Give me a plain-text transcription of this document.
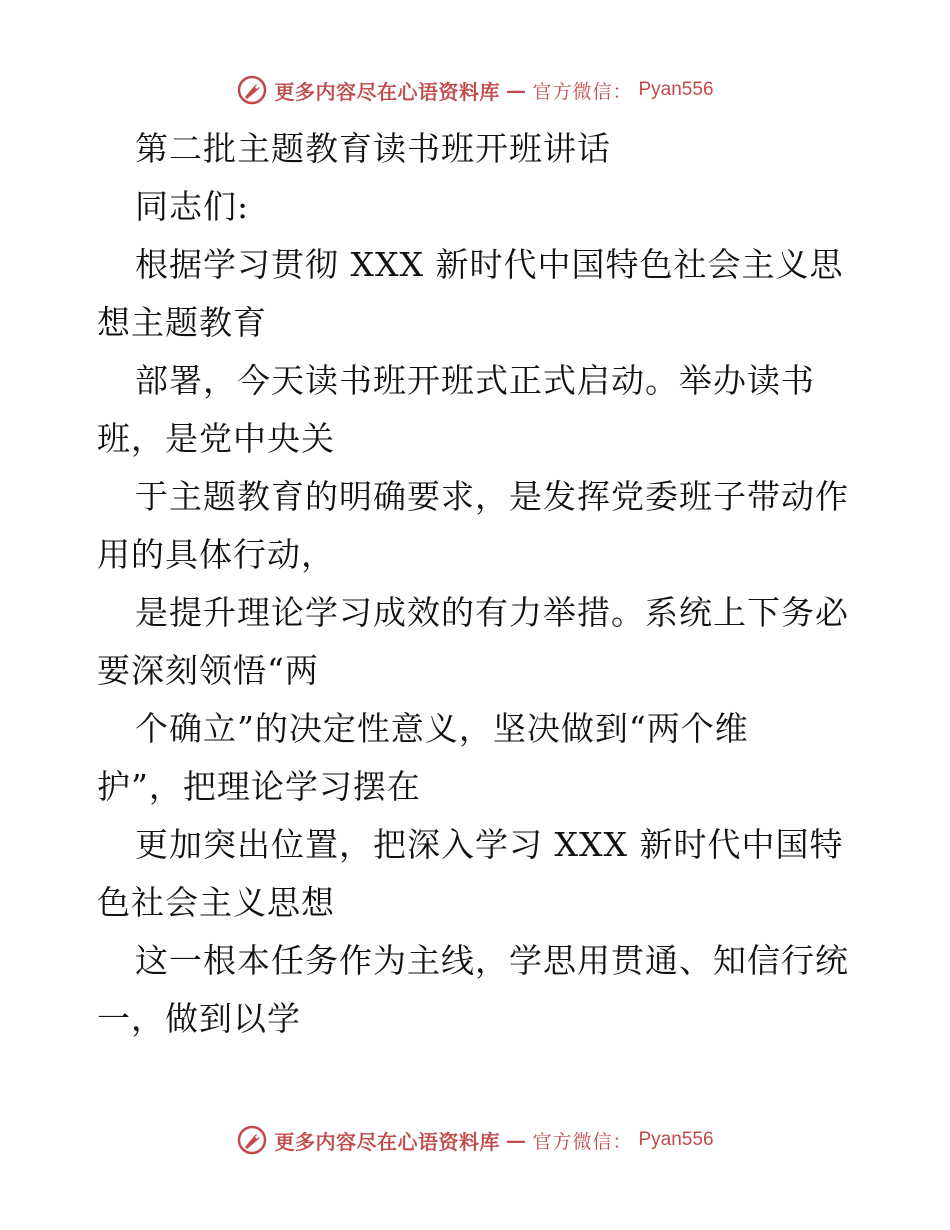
更多内容尽在心语资料库 — 官方微信： Pyan556
第二批主题教育读书班开班讲话
同志们:
根据学习贯彻 XXX 新时代中国特色社会主义思
想主题教育
部署，今天读书班开班式正式启动。举办读书
班，是党中央关
于主题教育的明确要求，是发挥党委班子带动作
用的具体行动，
是提升理论学习成效的有力举措。系统上下务必
要深刻领悟“两
个确立”的决定性意义，坚决做到“两个维
护”，把理论学习摆在
更加突出位置，把深入学习 XXX 新时代中国特
色社会主义思想
这一根本任务作为主线，学思用贯通、知信行统
一，做到以学
更多内容尽在心语资料库 — 官方微信： Pyan556
